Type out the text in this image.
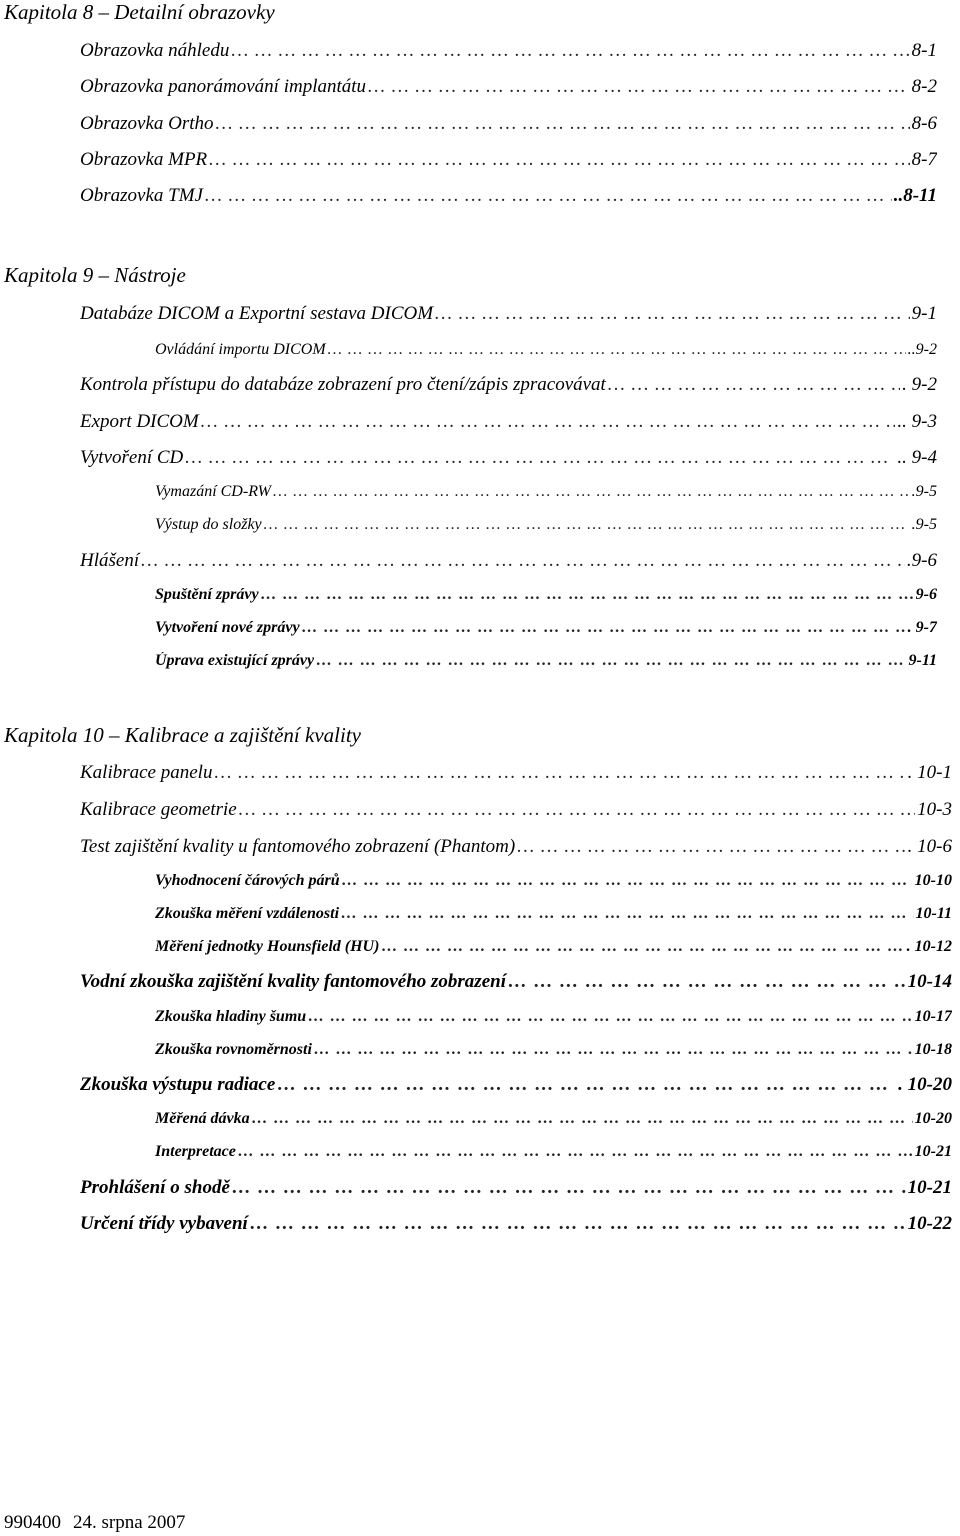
Kapitola 8 – Detailní obrazovky
Obrazovka náhledu … … … … … … … … … … … … … … … … … … … … … … … … … … … … … … … … … … … … … … … … … … … … … … … … … … … … … … … … … … … … … … … … … … … … … … … … … … … … … … … … … … … … … … … … … … … …	8-1
Obrazovka panorámování implantátu … … … … … … … … … … … … … … … … … … … … … … … … … … … … … … … … … … … … … … … … … … … … … … … … … … … … … … … … … … … … … … … … … … … … … … … … … … … … … … … … … … … … … … … … … … … …	8-2
Obrazovka Ortho … … … … … … … … … … … … … … … … … … … … … … … … … … … … … … … … … … … … … … … … … … … … … … … … … … … … … … … … … … … … … … … … … … … … … … … … … … … … … … … … … … … … … … … … … … … …	8-6
Obrazovka MPR … … … … … … … … … … … … … … … … … … … … … … … … … … … … … … … … … … … … … … … … … … … … … … … … … … … … … … … … … … … … … … … … … … … … … … … … … … … … … … … … … … … … … … … … … … … …	8-7
Obrazovka TMJ … … … … … … … … … … … … … … … … … … … … … … … … … … … … … … … … … … … … … … … … … … … … … … … … … … … … … … … … … … … … … … … … … … … … … … … … … … … … … … … … … … … … … … … … … … … …	..8-11
Kapitola 9 – Nástroje
Databáze DICOM a Exportní sestava DICOM … … … … … … … … … … … … … … … … … … … … … … … … … … … … … … … … … … … … … … … … … … … … … … … … … … … … … … … … … … … … … … … … … … … … … … … … … … … … … … … … … … … … … … … … … … … …	9-1
Ovládání importu DICOM … … … … … … … … … … … … … … … … … … … … … … … … … … … … … … … … … … … … … … … … … … … … … … … … … … … … … … … … … … … … … … … … … … … … … … … … … … … … … … … … … … … … … … … … … … … …	..9-2
Kontrola přístupu do databáze zobrazení pro čtení/zápis zpracovávat … … … … … … … … … … … … … … … … … … … … … … … … … … … … … … … … … … … … … … … … … … … … … … … … … … … … … … … … … … … … … … … … … … … … … … … … … … … … … … … … … … … … … … … … … … … …	. 9-2
Export DICOM … … … … … … … … … … … … … … … … … … … … … … … … … … … … … … … … … … … … … … … … … … … … … … … … … … … … … … … … … … … … … … … … … … … … … … … … … … … … … … … … … … … … … … … … … … … …	.. 9-3
Vytvoření CD … … … … … … … … … … … … … … … … … … … … … … … … … … … … … … … … … … … … … … … … … … … … … … … … … … … … … … … … … … … … … … … … … … … … … … … … … … … … … … … … … … … … … … … … … … … …	.. 9-4
Vymazání CD-RW … … … … … … … … … … … … … … … … … … … … … … … … … … … … … … … … … … … … … … … … … … … … … … … … … … … … … … … … … … … … … … … … … … … … … … … … … … … … … … … … … … … … … … … … … … … …	.9-5
Výstup do složky … … … … … … … … … … … … … … … … … … … … … … … … … … … … … … … … … … … … … … … … … … … … … … … … … … … … … … … … … … … … … … … … … … … … … … … … … … … … … … … … … … … … … … … … … … … …	.9-5
Hlášení … … … … … … … … … … … … … … … … … … … … … … … … … … … … … … … … … … … … … … … … … … … … … … … … … … … … … … … … … … … … … … … … … … … … … … … … … … … … … … … … … … … … … … … … … … … …	.9-6
Spuštění zprávy … … … … … … … … … … … … … … … … … … … … … … … … … … … … … … … … … … … … … … … … … … … … … … … … … … … … … … … … … … … … … … … … … … … … … … … … … … … … … … … … … … … … … … … … … … … …	9-6
Vytvoření nové zprávy … … … … … … … … … … … … … … … … … … … … … … … … … … … … … … … … … … … … … … … … … … … … … … … … … … … … … … … … … … … … … … … … … … … … … … … … … … … … … … … … … … … … … … … … … … … …	. 9-7
Úprava existující zprávy … … … … … … … … … … … … … … … … … … … … … … … … … … … … … … … … … … … … … … … … … … … … … … … … … … … … … … … … … … … … … … … … … … … … … … … … … … … … … … … … … … … … … … … … … … … …	9-11
Kapitola 10 – Kalibrace a zajištění kvality
Kalibrace panelu … … … … … … … … … … … … … … … … … … … … … … … … … … … … … … … … … … … … … … … … … … … … … … … … … … … … … … … … … … … … … … … … … … … … … … … … … … … … … … … … … … … … … … … … … … … …	. 10-1
Kalibrace geometrie … … … … … … … … … … … … … … … … … … … … … … … … … … … … … … … … … … … … … … … … … … … … … … … … … … … … … … … … … … … … … … … … … … … … … … … … … … … … … … … … … … … … … … … … … … … …	10-3
Test zajištění kvality u fantomového zobrazení (Phantom) … … … … … … … … … … … … … … … … … … … … … … … … … … … … … … … … … … … … … … … … … … … … … … … … … … … … … … … … … … … … … … … … … … … … … … … … … … … … … … … … … … … … … … … … … … … …	. 10-6
Vyhodnocení čárových párů … … … … … … … … … … … … … … … … … … … … … … … … … … … … … … … … … … … … … … … … … … … … … … … … … … … … … … … … … … … … … … … … … … … … … … … … … … … … … … … … … … … … … … … … … … … …	10-10
Zkouška měření vzdálenosti … … … … … … … … … … … … … … … … … … … … … … … … … … … … … … … … … … … … … … … … … … … … … … … … … … … … … … … … … … … … … … … … … … … … … … … … … … … … … … … … … … … … … … … … … … … …	10-11
Měření jednotky Hounsfield (HU) … … … … … … … … … … … … … … … … … … … … … … … … … … … … … … … … … … … … … … … … … … … … … … … … … … … … … … … … … … … … … … … … … … … … … … … … … … … … … … … … … … … … … … … … … … … …	. 10-12
Vodní zkouška zajištění kvality fantomového zobrazení … … … … … … … … … … … … … … … … … … … … … … … … … … … … … … … … … … … … … … … … … … … … … … … … … … … … … … … … … … … … … … … … … … … … … … … … … … … … … … … … … … … … … … … … … … … …	10-14
Zkouška hladiny šumu … … … … … … … … … … … … … … … … … … … … … … … … … … … … … … … … … … … … … … … … … … … … … … … … … … … … … … … … … … … … … … … … … … … … … … … … … … … … … … … … … … … … … … … … … … … …	10-17
Zkouška rovnoměrnosti … … … … … … … … … … … … … … … … … … … … … … … … … … … … … … … … … … … … … … … … … … … … … … … … … … … … … … … … … … … … … … … … … … … … … … … … … … … … … … … … … … … … … … … … … … … …	10-18
Zkouška výstupu radiace … … … … … … … … … … … … … … … … … … … … … … … … … … … … … … … … … … … … … … … … … … … … … … … … … … … … … … … … … … … … … … … … … … … … … … … … … … … … … … … … … … … … … … … … … … … …	. 10-20
Měřená dávka … … … … … … … … … … … … … … … … … … … … … … … … … … … … … … … … … … … … … … … … … … … … … … … … … … … … … … … … … … … … … … … … … … … … … … … … … … … … … … … … … … … … … … … … … … … …	10-20
Interpretace … … … … … … … … … … … … … … … … … … … … … … … … … … … … … … … … … … … … … … … … … … … … … … … … … … … … … … … … … … … … … … … … … … … … … … … … … … … … … … … … … … … … … … … … … … … …	10-21
Prohlášení o shodě … … … … … … … … … … … … … … … … … … … … … … … … … … … … … … … … … … … … … … … … … … … … … … … … … … … … … … … … … … … … … … … … … … … … … … … … … … … … … … … … … … … … … … … … … … … …	10-21
Určení třídy vybavení … … … … … … … … … … … … … … … … … … … … … … … … … … … … … … … … … … … … … … … … … … … … … … … … … … … … … … … … … … … … … … … … … … … … … … … … … … … … … … … … … … … … … … … … … … … …	10-22
990400 24. srpna 2007
